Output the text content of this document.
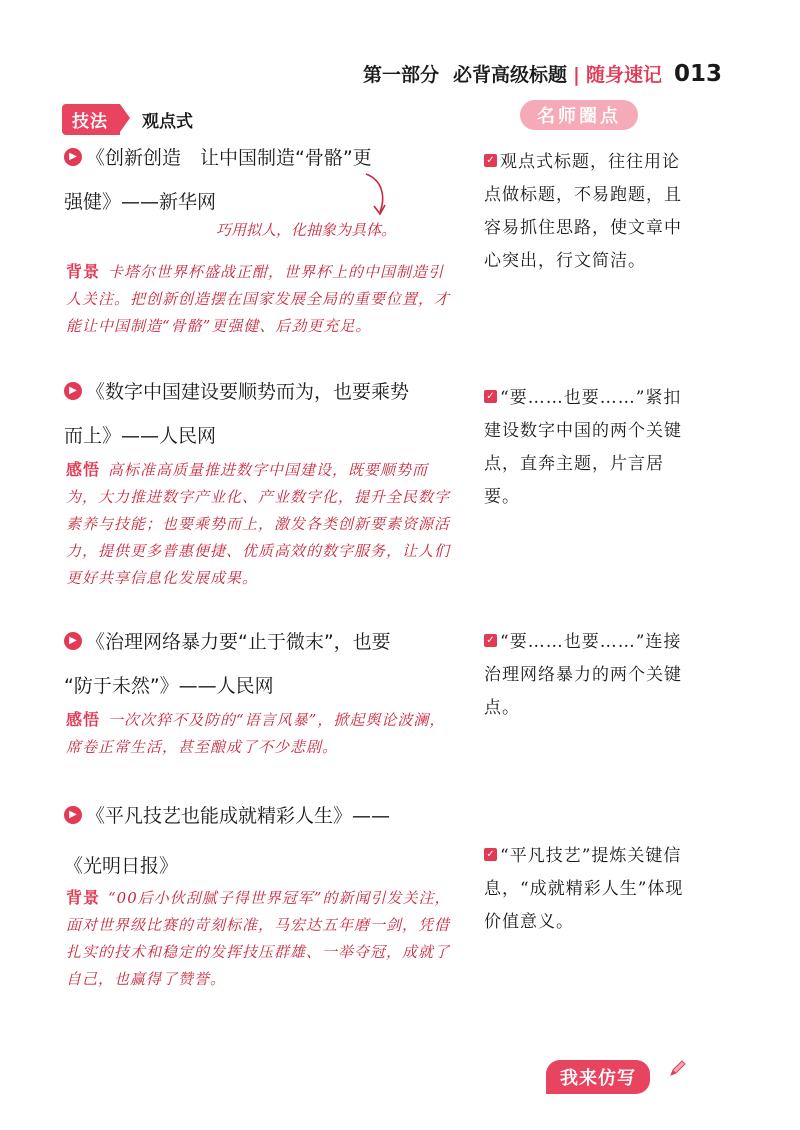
第一部分 必背高级标题 | 随身速记 013
技法	观点式	名师圈点
▶ 《创新创造　让中国制造“骨骼”更
强健》——新华网
巧用拟人，化抽象为具体。
背景 卡塔尔世界杯盛战正酣，世界杯上的中国制造引人关注。把创新创造摆在国家发展全局的重要位置，才能让中国制造“骨骼”更强健、后劲更充足。
✓ 观点式标题，往往用论点做标题，不易跑题，且容易抓住思路，使文章中心突出，行文简洁。
▶ 《数字中国建设要顺势而为，也要乘势
而上》——人民网
感悟 高标准高质量推进数字中国建设，既要顺势而为，大力推进数字产业化、产业数字化，提升全民数字素养与技能；也要乘势而上，激发各类创新要素资源活力，提供更多普惠便捷、优质高效的数字服务，让人们更好共享信息化发展成果。
✓ “要……也要……”紧扣建设数字中国的两个关键点，直奔主题，片言居要。
▶ 《治理网络暴力要“止于微末”，也要
“防于未然”》——人民网
感悟 一次次猝不及防的“语言风暴”，掀起舆论波澜，席卷正常生活，甚至酿成了不少悲剧。
✓ “要……也要……”连接治理网络暴力的两个关键点。
▶ 《平凡技艺也能成就精彩人生》——
《光明日报》
背景 “00后小伙刮腻子得世界冠军”的新闻引发关注，面对世界级比赛的苛刻标准，马宏达五年磨一剑，凭借扎实的技术和稳定的发挥技压群雄、一举夺冠，成就了自己，也赢得了赞誉。
✓ “平凡技艺”提炼关键信息，“成就精彩人生”体现价值意义。
我来仿写
